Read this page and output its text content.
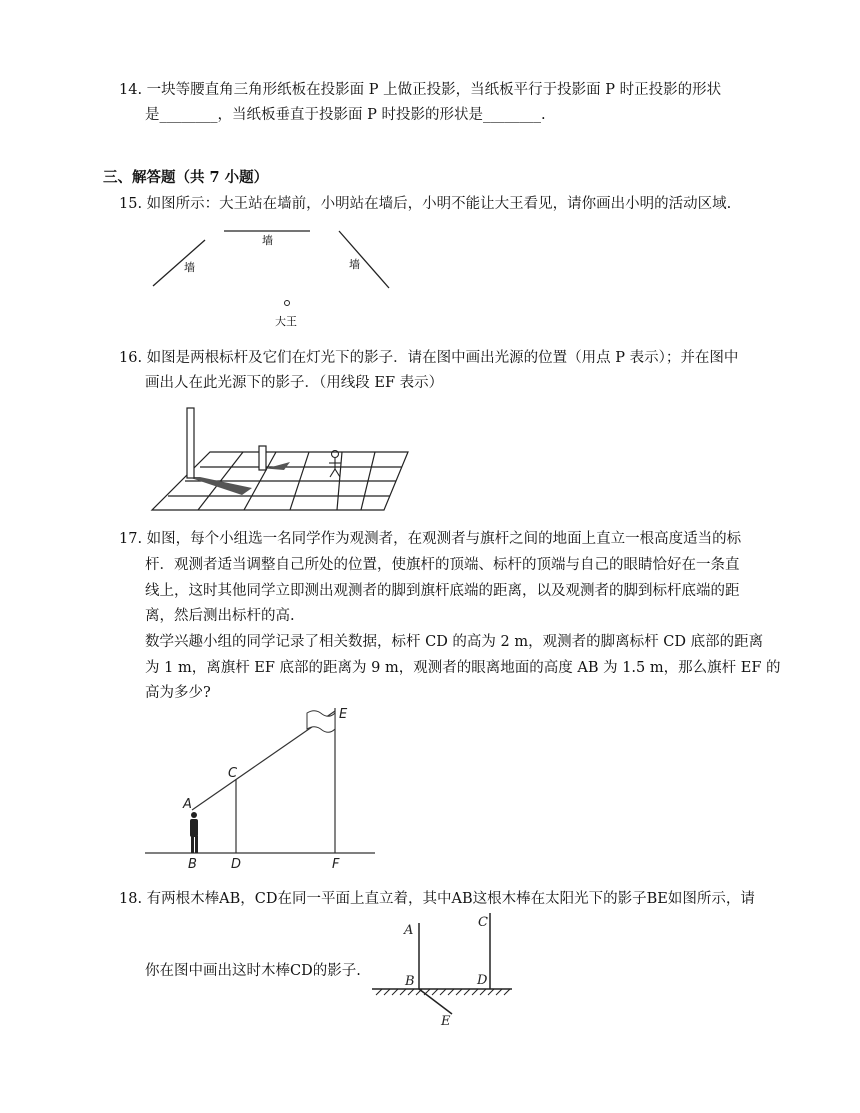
14. 一块等腰直角三角形纸板在投影面 P 上做正投影，当纸板平行于投影面 P 时正投影的形状
是________，当纸板垂直于投影面 P 时投影的形状是________.
三、解答题（共 7 小题）
15. 如图所示：大王站在墙前，小明站在墙后，小明不能让大王看见，请你画出小明的活动区域.
墙
墙	墙
大王
16. 如图是两根标杆及它们在灯光下的影子．请在图中画出光源的位置（用点 P 表示）；并在图中
画出人在此光源下的影子．（用线段 EF 表示）
17. 如图，每个小组选一名同学作为观测者，在观测者与旗杆之间的地面上直立一根高度适当的标
杆．观测者适当调整自己所处的位置，使旗杆的顶端、标杆的顶端与自己的眼睛恰好在一条直
线上，这时其他同学立即测出观测者的脚到旗杆底端的距离，以及观测者的脚到标杆底端的距
离，然后测出标杆的高.
数学兴趣小组的同学记录了相关数据，标杆 CD 的高为 2 m，观测者的脚离标杆 CD 底部的距离
为 1 m，离旗杆 EF 底部的距离为 9 m，观测者的眼离地面的高度 AB 为 1.5 m，那么旗杆 EF 的
高为多少?
A
B
C
D
E
F
18. 有两根木棒AB，CD在同一平面上直立着，其中AB这根木棒在太阳光下的影子BE如图所示，请
你在图中画出这时木棒CD的影子.
A
B
C
D
E
